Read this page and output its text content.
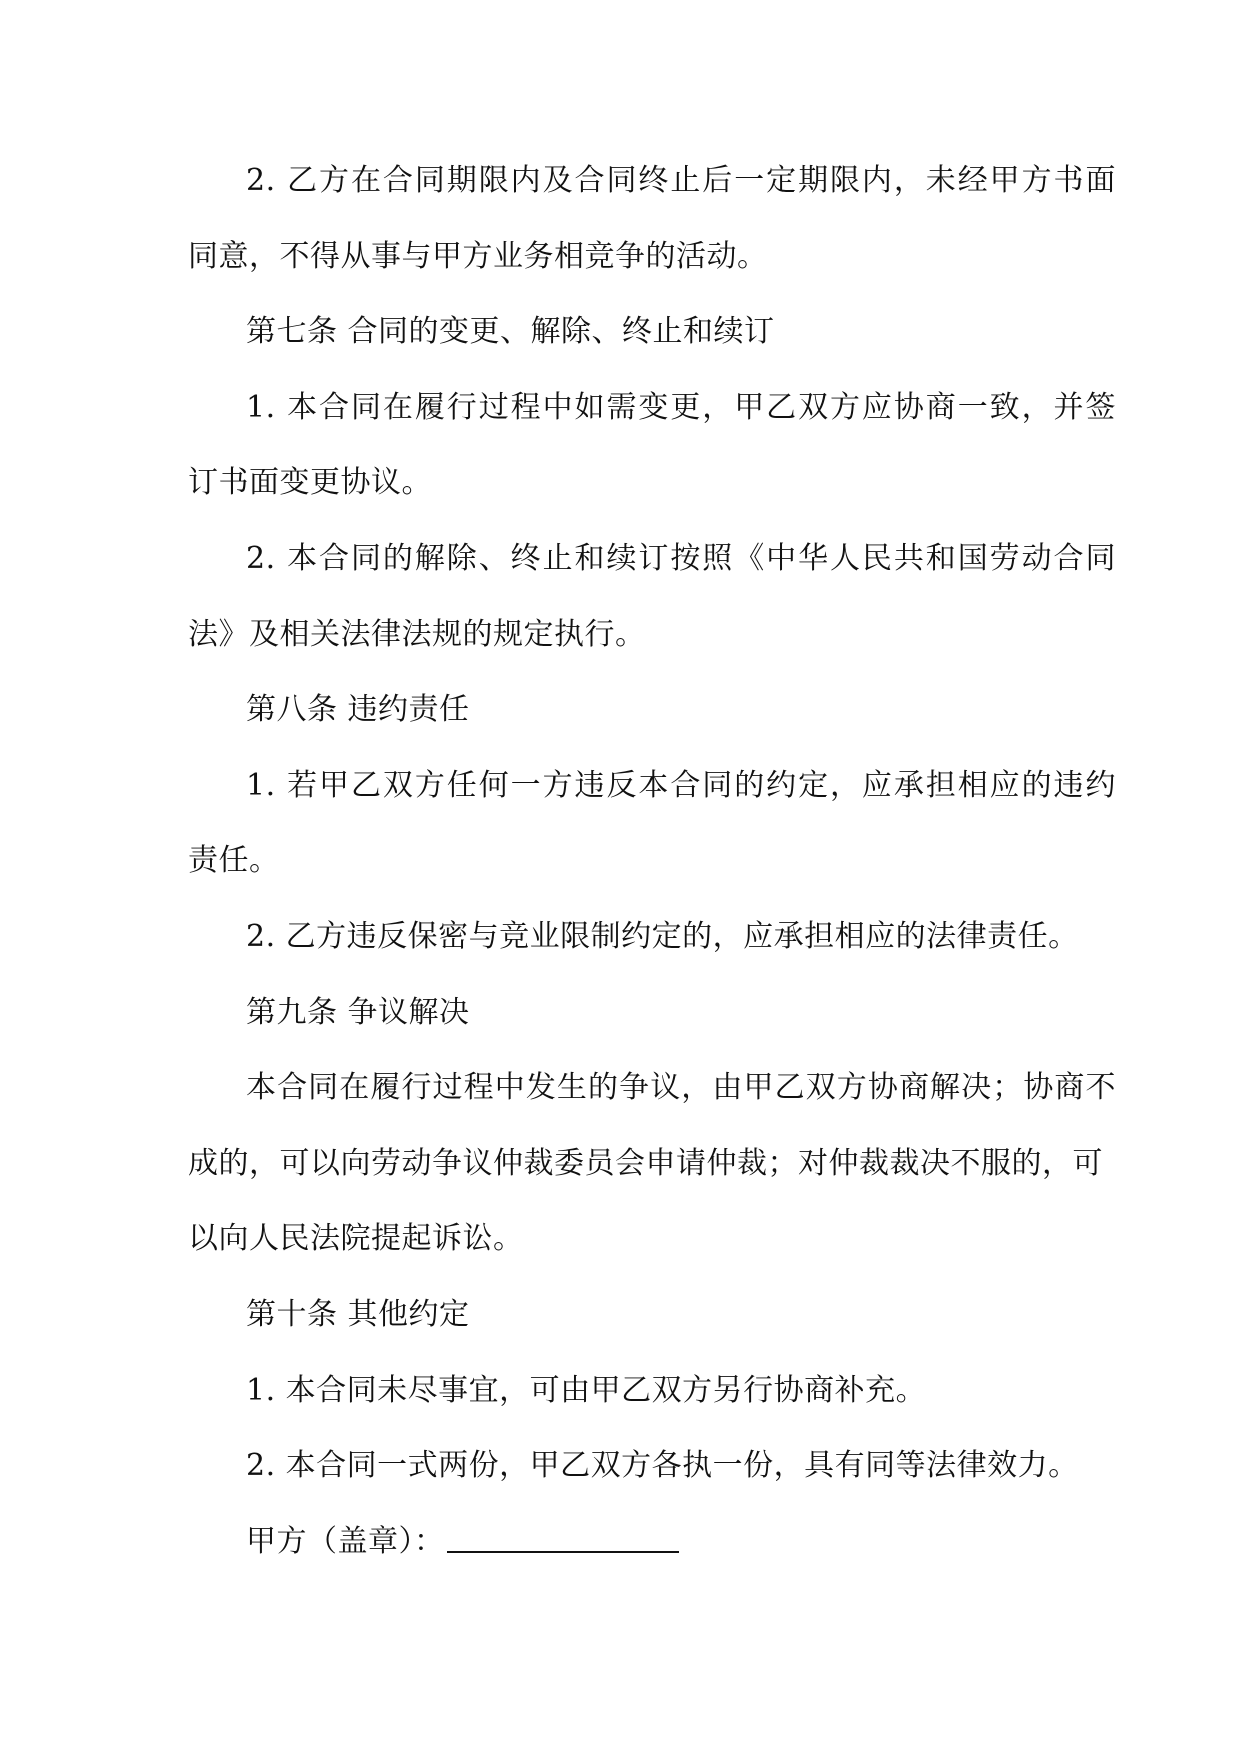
2. 乙方在合同期限内及合同终止后一定期限内，未经甲方书面
同意，不得从事与甲方业务相竞争的活动。
第七条 合同的变更、解除、终止和续订
1. 本合同在履行过程中如需变更，甲乙双方应协商一致，并签
订书面变更协议。
2. 本合同的解除、终止和续订按照《中华人民共和国劳动合同
法》及相关法律法规的规定执行。
第八条 违约责任
1. 若甲乙双方任何一方违反本合同的约定，应承担相应的违约
责任。
2. 乙方违反保密与竞业限制约定的，应承担相应的法律责任。
第九条 争议解决
本合同在履行过程中发生的争议，由甲乙双方协商解决；协商不
成的，可以向劳动争议仲裁委员会申请仲裁；对仲裁裁决不服的，可
以向人民法院提起诉讼。
第十条 其他约定
1. 本合同未尽事宜，可由甲乙双方另行协商补充。
2. 本合同一式两份，甲乙双方各执一份，具有同等法律效力。
甲方（盖章）：
